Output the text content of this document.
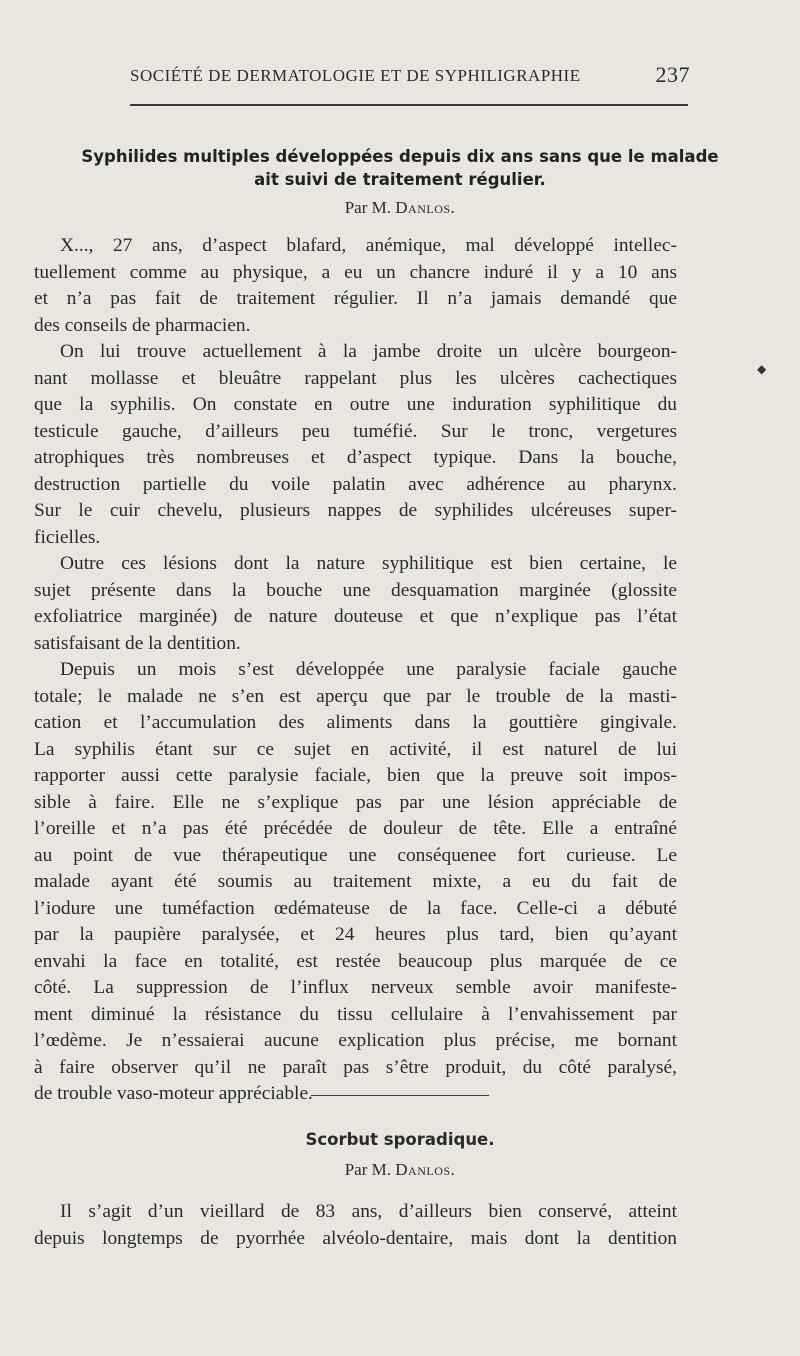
SOCIÉTÉ DE DERMATOLOGIE ET DE SYPHILIGRAPHIE	237
Syphilides multiples développées depuis dix ans sans que le malade
ait suivi de traitement régulier.
Par M. Danlos.
◆
X..., 27 ans, d’aspect blafard, anémique, mal développé intellec-
tuellement comme au physique, a eu un chancre induré il y a 10 ans
et n’a pas fait de traitement régulier. Il n’a jamais demandé que
des conseils de pharmacien.
On lui trouve actuellement à la jambe droite un ulcère bourgeon-
nant mollasse et bleuâtre rappelant plus les ulcères cachectiques
que la syphilis. On constate en outre une induration syphilitique du
testicule gauche, d’ailleurs peu tuméfié. Sur le tronc, vergetures
atrophiques très nombreuses et d’aspect typique. Dans la bouche,
destruction partielle du voile palatin avec adhérence au pharynx.
Sur le cuir chevelu, plusieurs nappes de syphilides ulcéreuses super-
ficielles.
Outre ces lésions dont la nature syphilitique est bien certaine, le
sujet présente dans la bouche une desquamation marginée (glossite
exfoliatrice marginée) de nature douteuse et que n’explique pas l’état
satisfaisant de la dentition.
Depuis un mois s’est développée une paralysie faciale gauche
totale; le malade ne s’en est aperçu que par le trouble de la masti-
cation et l’accumulation des aliments dans la gouttière gingivale.
La syphilis étant sur ce sujet en activité, il est naturel de lui
rapporter aussi cette paralysie faciale, bien que la preuve soit impos-
sible à faire. Elle ne s’explique pas par une lésion appréciable de
l’oreille et n’a pas été précédée de douleur de tête. Elle a entraîné
au point de vue thérapeutique une conséquenee fort curieuse. Le
malade ayant été soumis au traitement mixte, a eu du fait de
l’iodure une tuméfaction œdémateuse de la face. Celle-ci a débuté
par la paupière paralysée, et 24 heures plus tard, bien qu’ayant
envahi la face en totalité, est restée beaucoup plus marquée de ce
côté. La suppression de l’influx nerveux semble avoir manifeste-
ment diminué la résistance du tissu cellulaire à l’envahissement par
l’œdème. Je n’essaierai aucune explication plus précise, me bornant
à faire observer qu’il ne paraît pas s’être produit, du côté paralysé,
de trouble vaso-moteur appréciable.
Scorbut sporadique.
Par M. Danlos.
Il s’agit d’un vieillard de 83 ans, d’ailleurs bien conservé, atteint
depuis longtemps de pyorrhée alvéolo-dentaire, mais dont la dentition
